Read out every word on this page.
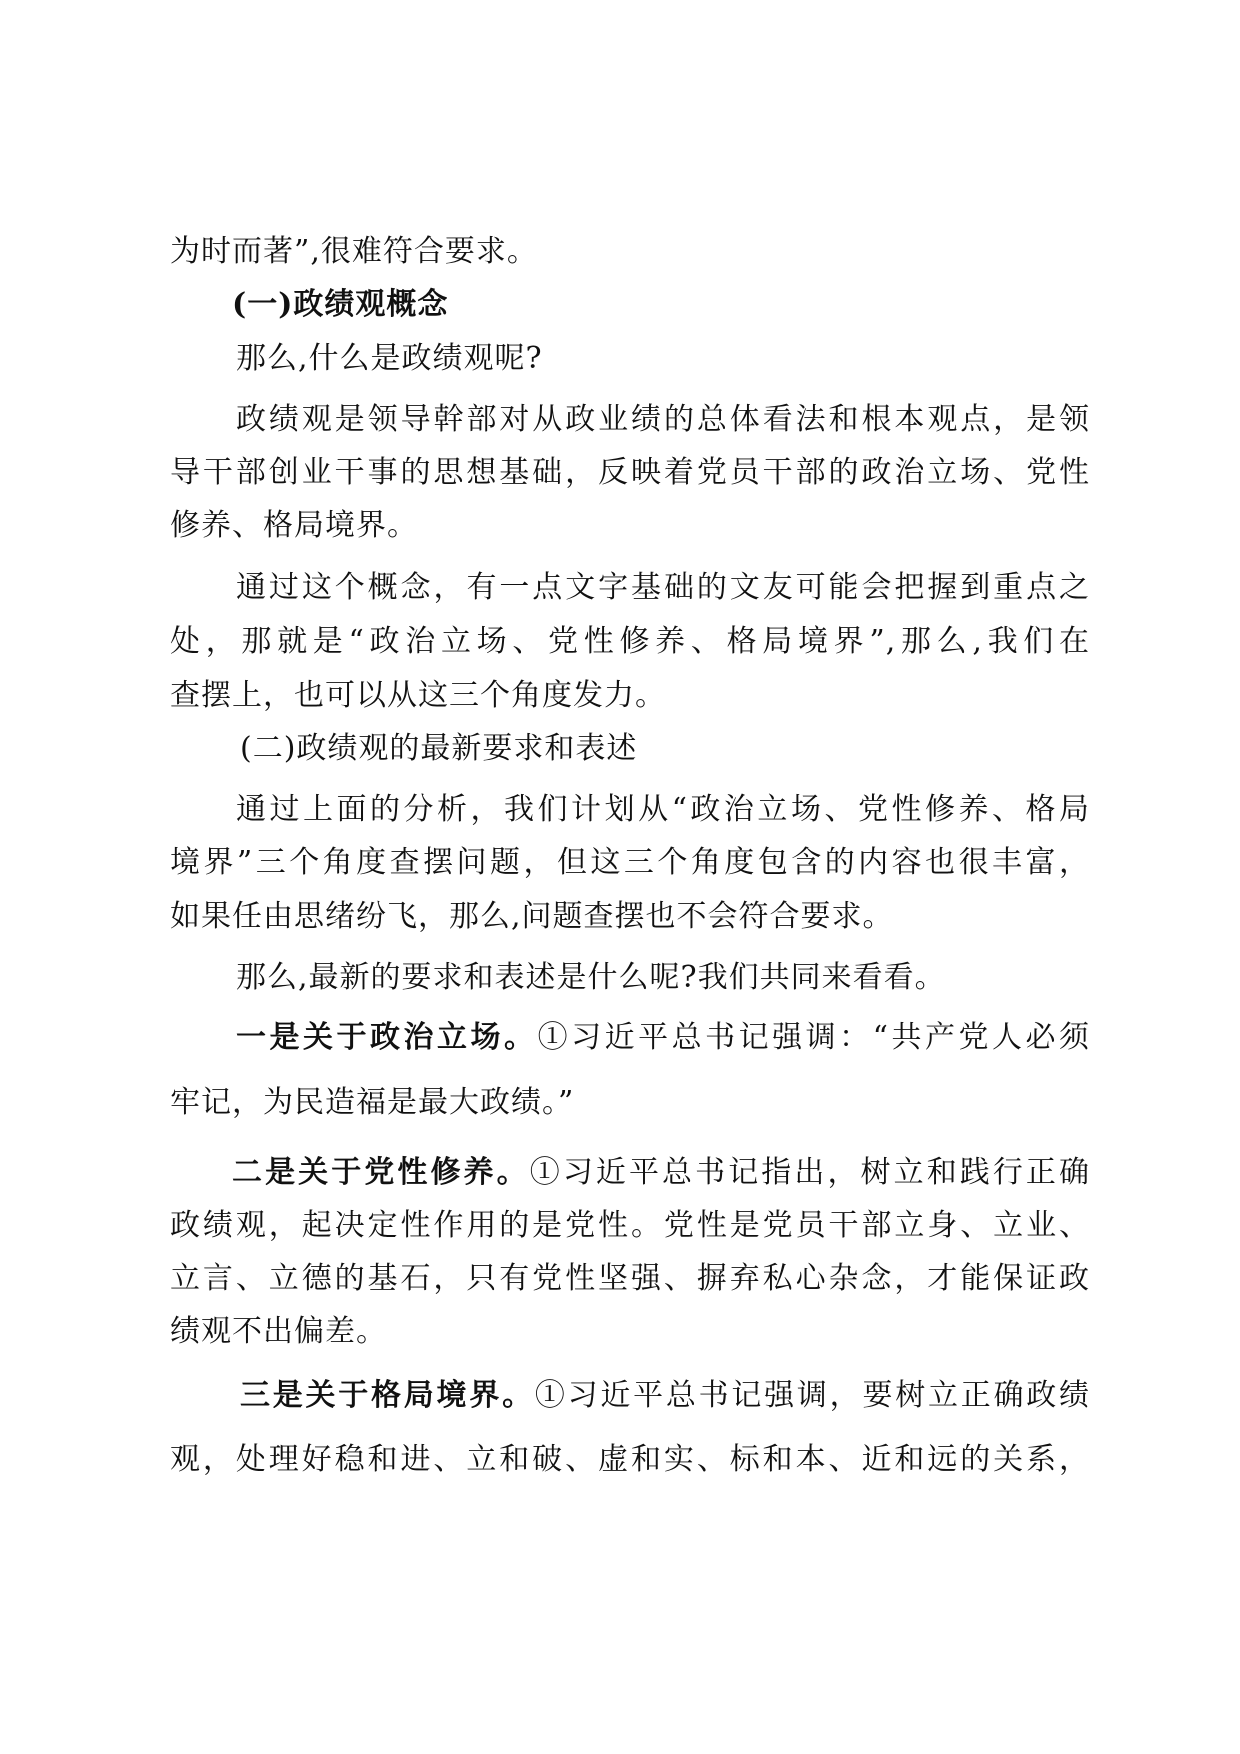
为时而著”,很难符合要求。
(一)政绩观概念
那么,什么是政绩观呢?
政绩观是领导幹部对从政业绩的总体看法和根本观点，是领
导干部创业干事的思想基础，反映着党员干部的政治立场、党性
修养、格局境界。
通过这个概念，有一点文字基础的文友可能会把握到重点之
处，那就是“政治立场、党性修养、格局境界”,那么,我们在
查摆上，也可以从这三个角度发力。
(二)政绩观的最新要求和表述
通过上面的分析，我们计划从“政治立场、党性修养、格局
境界”三个角度查摆问题，但这三个角度包含的内容也很丰富，
如果任由思绪纷飞，那么,问题查摆也不会符合要求。
那么,最新的要求和表述是什么呢?我们共同来看看。
一是关于政治立场。①习近平总书记强调：“共产党人必须
牢记，为民造福是最大政绩。”
二是关于党性修养。①习近平总书记指出，树立和践行正确
政绩观，起决定性作用的是党性。党性是党员干部立身、立业、
立言、立德的基石，只有党性坚强、摒弃私心杂念，才能保证政
绩观不出偏差。
三是关于格局境界。①习近平总书记强调，要树立正确政绩
观，处理好稳和进、立和破、虚和实、标和本、近和远的关系，
